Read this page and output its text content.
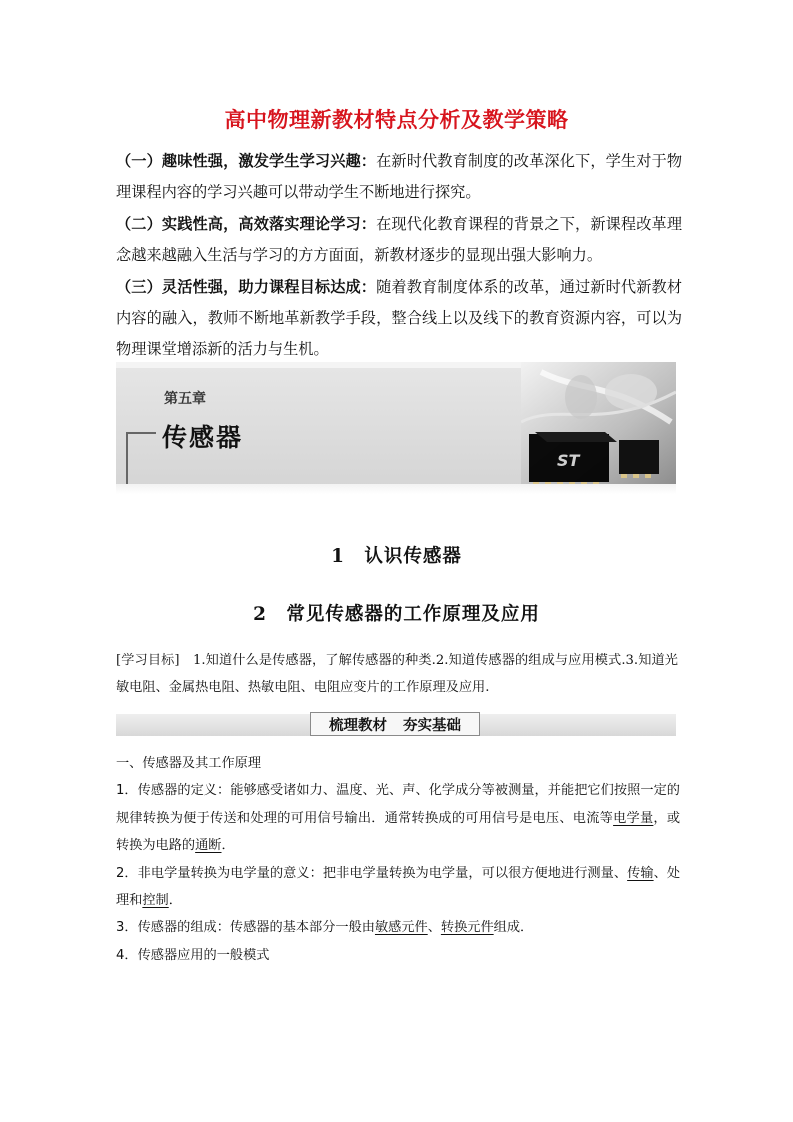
高中物理新教材特点分析及教学策略

（一）趣味性强，激发学生学习兴趣：在新时代教育制度的改革深化下，学生对于物理课程内容的学习兴趣可以带动学生不断地进行探究。

（二）实践性高，高效落实理论学习：在现代化教育课程的背景之下，新课程改革理念越来越融入生活与学习的方方面面，新教材逐步的显现出强大影响力。

（三）灵活性强，助力课程目标达成：随着教育制度体系的改革，通过新时代新教材内容的融入，教师不断地革新教学手段，整合线上以及线下的教育资源内容，可以为物理课堂增添新的活力与生机。

第五章
传感器
ST
1　认识传感器
2　常见传感器的工作原理及应用
[学习目标]　1.知道什么是传感器，了解传感器的种类.2.知道传感器的组成与应用模式.3.知道光敏电阻、金属热电阻、热敏电阻、电阻应变片的工作原理及应用.
梳理教材 夯实基础

一、传感器及其工作原理

1．传感器的定义：能够感受诸如力、温度、光、声、化学成分等被测量，并能把它们按照一定的规律转换为便于传送和处理的可用信号输出．通常转换成的可用信号是电压、电流等电学量，或转换为电路的通断．

2．非电学量转换为电学量的意义：把非电学量转换为电学量，可以很方便地进行测量、传输、处理和控制．

3．传感器的组成：传感器的基本部分一般由敏感元件、转换元件组成．

4．传感器应用的一般模式
